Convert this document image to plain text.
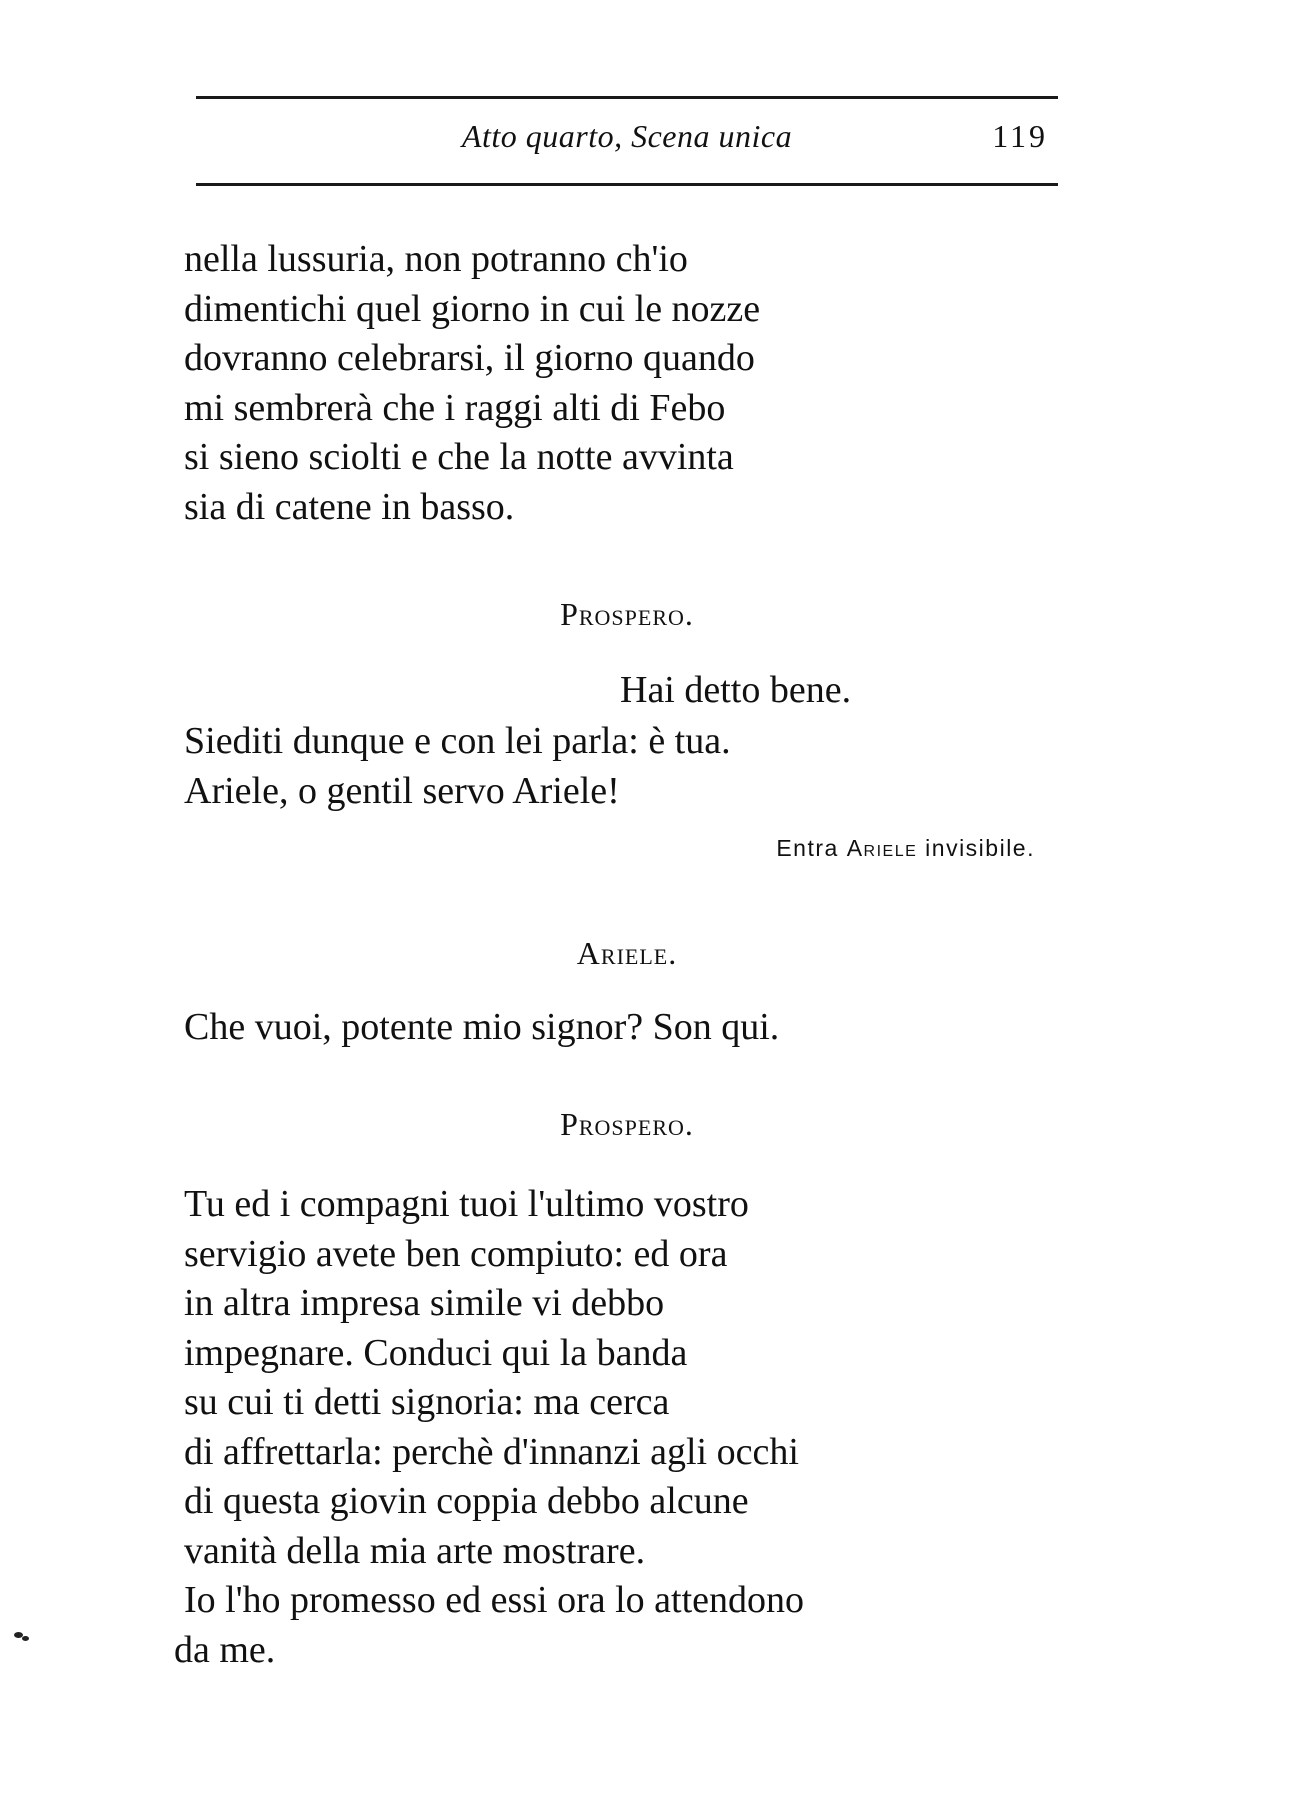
Atto quarto, Scena unica	119
nella lussuria, non potranno ch'io
dimentichi quel giorno in cui le nozze
dovranno celebrarsi, il giorno quando
mi sembrerà che i raggi alti di Febo
si sieno sciolti e che la notte avvinta
sia di catene in basso.
Prospero.
Hai detto bene.
Siediti dunque e con lei parla: è tua.
Ariele, o gentil servo Ariele!
Entra Ariele invisibile.
Ariele.
Che vuoi, potente mio signor? Son qui.
Prospero.
Tu ed i compagni tuoi l'ultimo vostro
servigio avete ben compiuto: ed ora
in altra impresa simile vi debbo
impegnare. Conduci qui la banda
su cui ti detti signoria: ma cerca
di affrettarla: perchè d'innanzi agli occhi
di questa giovin coppia debbo alcune
vanità della mia arte mostrare.
Io l'ho promesso ed essi ora lo attendono
da me.
